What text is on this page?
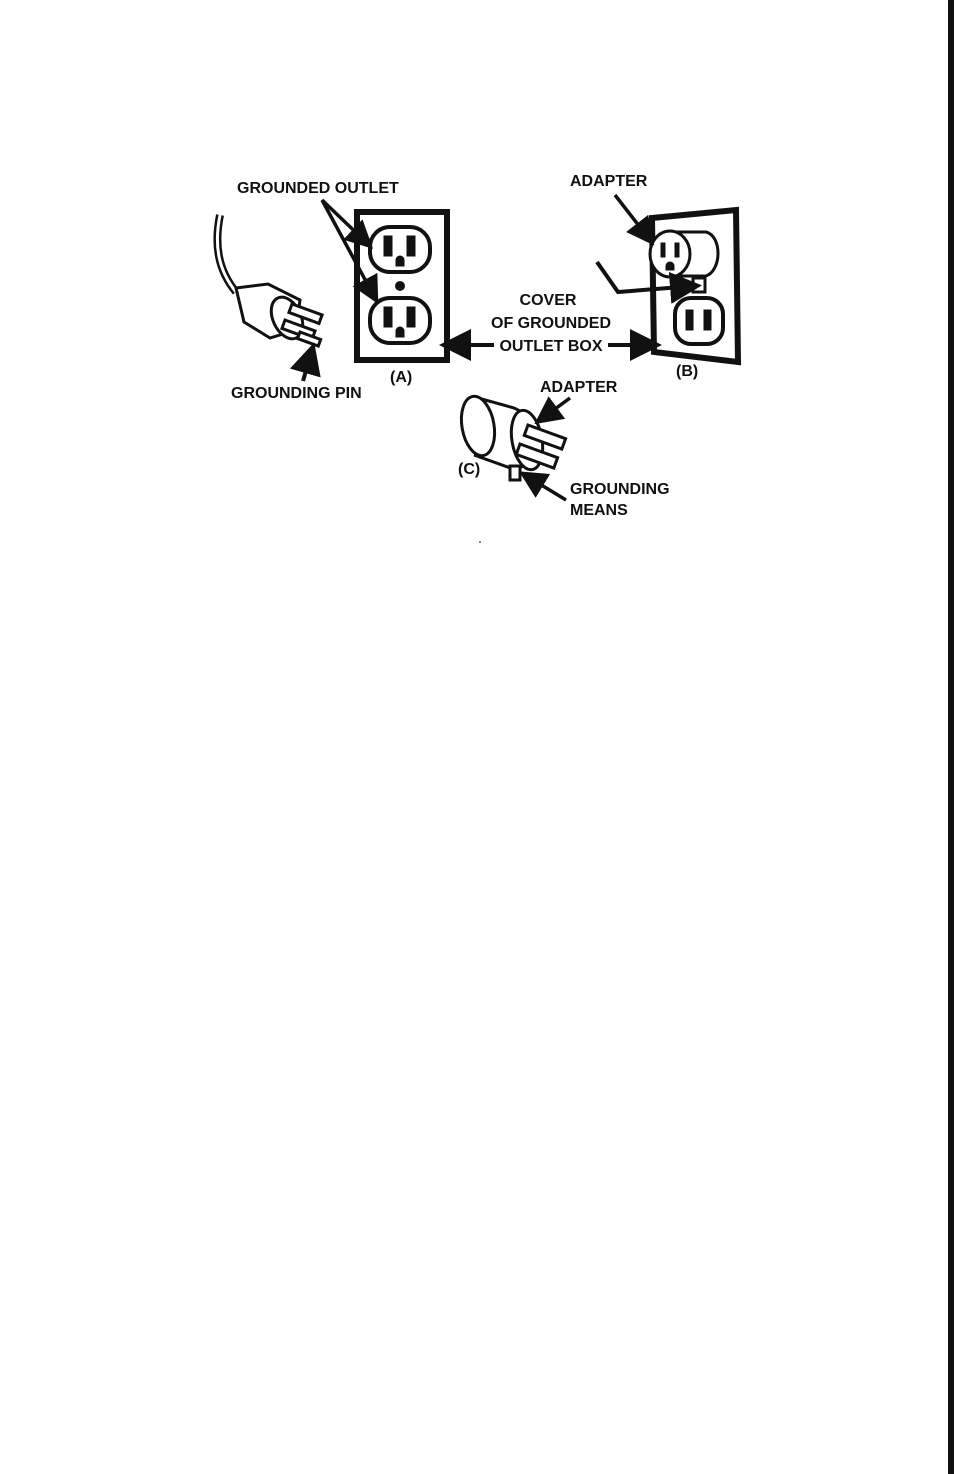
GROUNDED OUTLET
GROUNDING PIN
(A)
ADAPTER
COVER
OF GROUNDED
OUTLET BOX
(B)
ADAPTER
(C)
GROUNDING
MEANS
